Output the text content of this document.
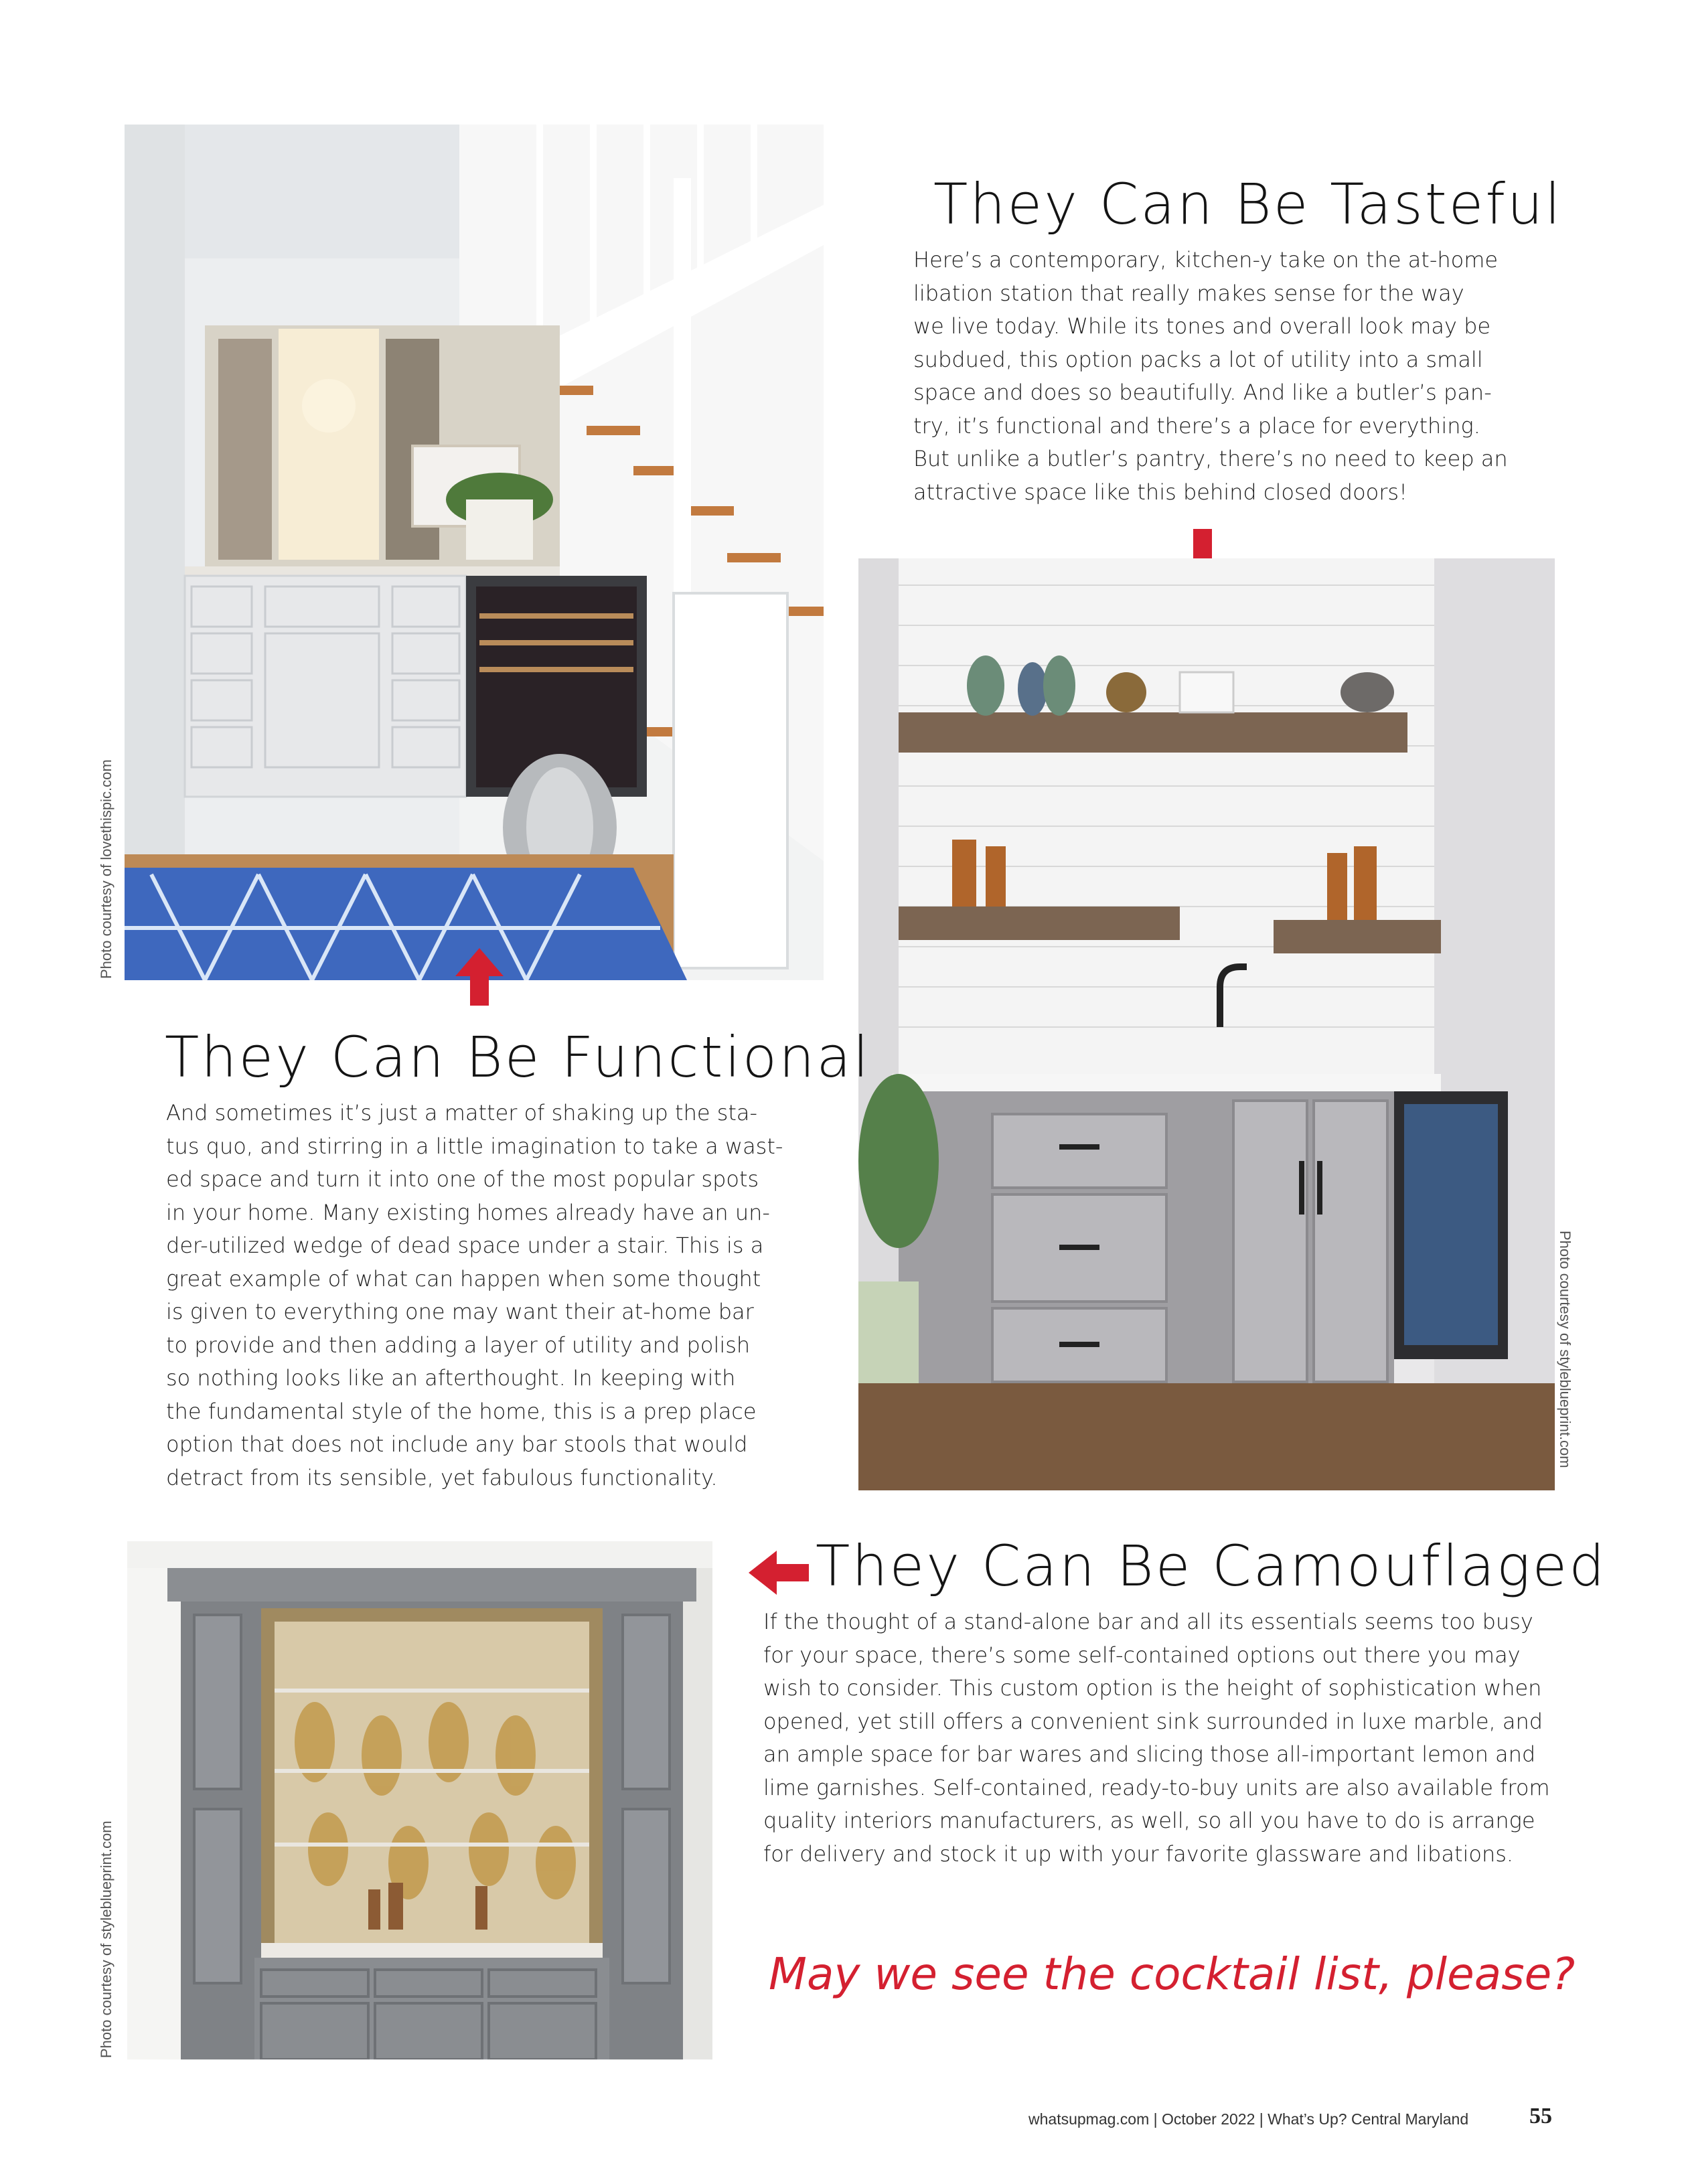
Photo courtesy of lovethispic.com
They Can Be Tasteful

Here’s a contemporary, kitchen-y take on the at-home
libation station that really makes sense for the way
we live today. While its tones and overall look may be
subdued, this option packs a lot of utility into a small
space and does so beautifully. And like a butler’s pan-
try, it’s functional and there’s a place for everything.
But unlike a butler’s pantry, there’s no need to keep an
attractive space like this behind closed doors!

Photo courtesy of styleblueprint.com
They Can Be Functional

And sometimes it’s just a matter of shaking up the sta-
tus quo, and stirring in a little imagination to take a wast-
ed space and turn it into one of the most popular spots
in your home. Many existing homes already have an un-
der-utilized wedge of dead space under a stair. This is a
great example of what can happen when some thought
is given to everything one may want their at-home bar
to provide and then adding a layer of utility and polish
so nothing looks like an afterthought. In keeping with
the fundamental style of the home, this is a prep place
option that does not include any bar stools that would
detract from its sensible, yet fabulous functionality.

Photo courtesy of styleblueprint.com
They Can Be Camouflaged

If the thought of a stand-alone bar and all its essentials seems too busy
for your space, there’s some self-contained options out there you may
wish to consider. This custom option is the height of sophistication when
opened, yet still offers a convenient sink surrounded in luxe marble, and
an ample space for bar wares and slicing those all-important lemon and
lime garnishes. Self-contained, ready-to-buy units are also available from
quality interiors manufacturers, as well, so all you have to do is arrange
for delivery and stock it up with your favorite glassware and libations.

May we see the cocktail list, please?

whatsupmag.com | October 2022 | What’s Up? Central Maryland	55
